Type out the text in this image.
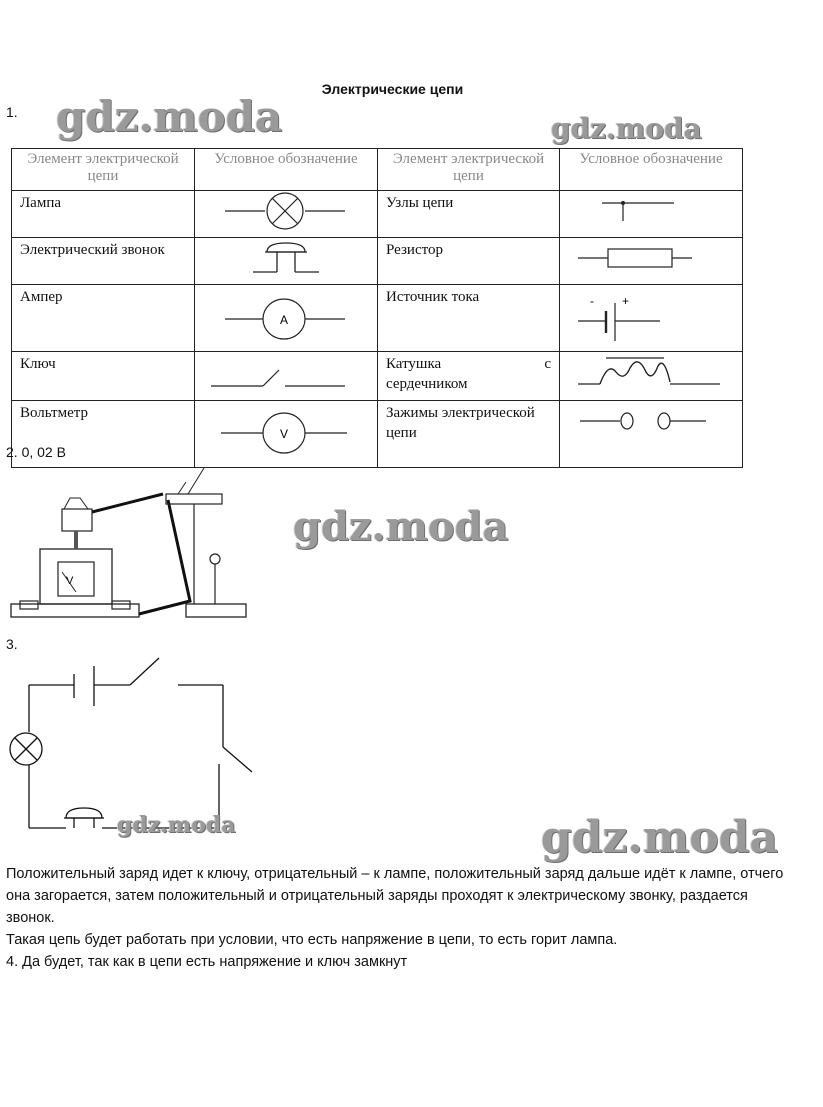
Электрические цепи
1. gdz.moda	gdz.moda
Элемент электрической цепи	Условное обозначение	Элемент электрической цепи	Условное обозначение
Лампа		Узлы цепи	
Электрический звонок		Резистор	
Ампер	A	Источник тока	- +

Ключ		Катушка с
сердечником

Вольтметр	V	Зажимы электрической цепи	
2. 0, 02 В
V
gdz.moda
3.
gdz.moda	gdz.moda
Положительный заряд идет к ключу, отрицательный – к лампе, положительный заряд дальше идёт к лампе, отчего она загорается, затем положительный и отрицательный заряды проходят к электрическому звонку, раздается звонок.
Такая цепь будет работать при условии, что есть напряжение в цепи, то есть горит лампа.
4. Да будет, так как в цепи есть напряжение и ключ замкнут
